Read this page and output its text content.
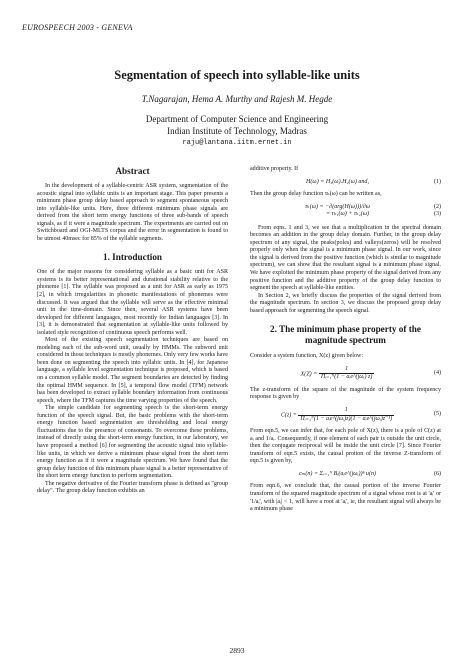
EUROSPEECH 2003 - GENEVA
Segmentation of speech into syllable-like units
T.Nagarajan, Hema A. Murthy and Rajesh M. Hegde
Department of Computer Science and Engineering
Indian Institute of Technology, Madras
raju@lantana.iitm.ernet.in
Abstract

In the development of a syllable-centric ASR system, segmentation of the acoustic signal into syllabic units is an important stage. This paper presents a minimum phase group delay based approach to segment spontaneous speech into syllable-like units. Here, three different minimum phase signals are derived from the short term energy functions of three sub-bands of speech signals, as if it were a magnitude spectrum. The experiments are carried out on Switchboard and OGI-MLTS corpus and the error in segmentation is found to be utmost 40msec for 85% of the syllable segments.

1. Introduction

One of the major reasons for considering syllable as a basic unit for ASR systems is its better representational and durational stability relative to the phoneme [1]. The syllable was proposed as a unit for ASR as early as 1975 [2], in which irregularities in phonetic manifestations of phonemes were discussed. It was argued that the syllable will serve as the effective minimal unit in the time-domain. Since then, several ASR systems have been developed for different languages, most recently for Indian languages [3]. In [3], it is demonstrated that segmentation at syllable-like units followed by isolated style recognition of continuous speech performs well.

Most of the existing speech segmentation techniques are based on modeling each of the sub-word unit, usually by HMMs. The subword unit considered in those techniques is mostly phonemes. Only very few works have been done on segmenting the speech into syllabic units. In [4], for Japanese language, a syllable level segmentation technique is proposed, which is based on a common syllable model. The segment boundaries are detected by finding the optimal HMM sequence. In [5], a temporal flow model (TFM) network has been developed to extract syllable boundary information from continuous speech, where the TFM captures the time varying properties of the speech.

The simple candidate for segmenting speech is the short-term energy function of the speech signal. But, the basic problems with the short-term energy function based segmentation are thresholding and local energy fluctuations due to the presence of consonants. To overcome these problems, instead of directly using the short-term energy function, in our laboratory, we have proposed a method [6] for segmenting the acoustic signal into syllable-like units, in which we derive a minimum phase signal from the short term energy function as if it were a magnitude spectrum. We have found that the group delay function of this minimum phase signal is a better representative of the short term energy function to perform segmentation.

The negative derivative of the Fourier transform phase is defined as "group delay". The group delay function exhibits an

additive property. If

H(ω) = H₁(ω).H₂(ω) and,	(1)

Then the group delay function τₕ(ω) can be written as,

τₕ(ω) = −∂(arg(H(ω)))/∂ω	(2)
= τₕ₁(ω) + τₕ₂(ω)	(3)

From eqns. 1 and 3, we see that a multiplication in the spectral domain becomes an addition in the group delay domain. Further, in the group delay spectrum of any signal, the peaks(poles) and valleys(zeros) will be resolved properly only when the signal is a minimum phase signal. In our work, since the signal is derived from the positive function (which is similar to magnitude spectrum), we can show that the resultant signal is a minimum phase signal. We have exploited the minimum phase property of the signal derived from any positive function and the additive property of the group delay function to segment the speech at syllable-like entities.

In Section 2, we briefly discuss the properties of the signal derived from the magnitude spectrum. In section 3, we discuss the proposed group delay based approach for segmenting the speech signal.

2. The minimum phase property of the
magnitude spectrum

Consider a system function, X(z) given below:

$X(Z) = \frac{1}{\text{Πᵢ₌₁ᴺ(1 − aᵢe\textasciicircum{}(jωᵢ) z)}}$	(4)

The z-transform of the square of the magnitude of the system frequency response is given by

$C(z) = \frac{1}{\text{Πᵢ₌₁ᴺ(1 − aᵢe\textasciicircum{}(jωᵢ)z)(1 − aᵢe\textasciicircum{}(jωᵢ)z⁻¹)}}$	(5)

From eqn.5, we can infer that, for each pole of X(z), there is a pole of C(z) at aᵢ and 1/aᵢ. Consequently, if one element of each pair is outside the unit circle, then the conjugate reciprocal will be inside the unit circle [7]. Since Fourier transform of eqn.5 exists, the causal protion of the inverse Z-transform of eqn.5 is given by,

cₘ(n) = Σᵢ₌₁ᴺ Bᵢ(aᵢe^(jωᵢ))ⁿ u(n)	(6)

From eqn.6, we conclude that, the causal portion of the inverse Fourier transform of the squared magnitude spectrum of a signal whose root is at 'aᵢ' or '1/aᵢ', with |aᵢ| < 1, will have a root at 'aᵢ', ie, the resultant signal will always be a minimum phase

2893
